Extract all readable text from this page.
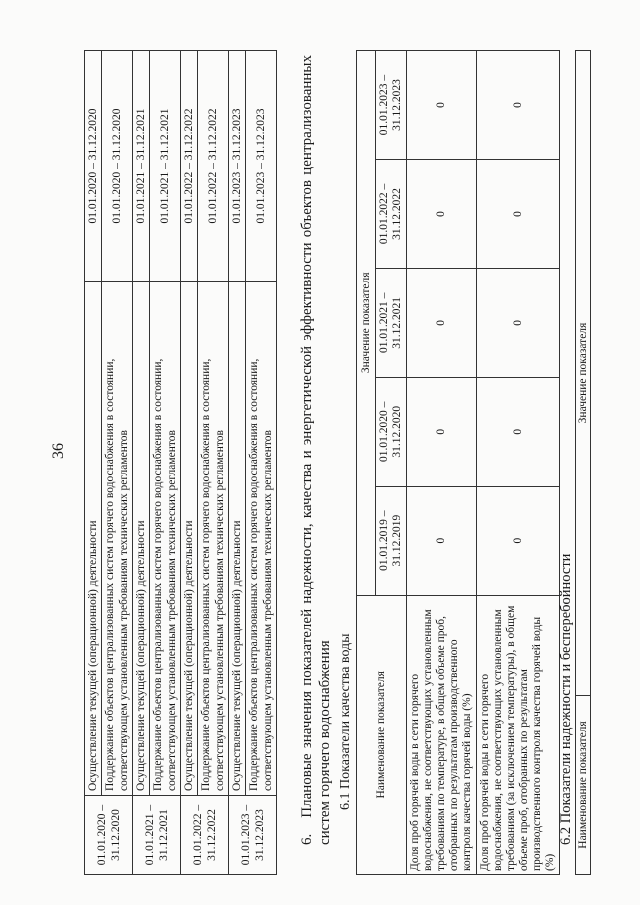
36
01.01.2020 – 31.12.2020	Осуществление текущей (операционной) деятельности	01.01.2020 – 31.12.2020
	Поддержание объектов централизованных систем горячего водоснабжения в состоянии, соответствующем установленным требованиям технических регламентов	01.01.2020 – 31.12.2020
01.01.2021 – 31.12.2021	Осуществление текущей (операционной) деятельности	01.01.2021 – 31.12.2021
	Поддержание объектов централизованных систем горячего водоснабжения в состоянии, соответствующем установленным требованиям технических регламентов	01.01.2021 – 31.12.2021
01.01.2022 – 31.12.2022	Осуществление текущей (операционной) деятельности	01.01.2022 – 31.12.2022
	Поддержание объектов централизованных систем горячего водоснабжения в состоянии, соответствующем установленным требованиям технических регламентов	01.01.2022 – 31.12.2022
01.01.2023 – 31.12.2023	Осуществление текущей (операционной) деятельности	01.01.2023 – 31.12.2023
	Поддержание объектов централизованных систем горячего водоснабжения в состоянии, соответствующем установленным требованиям технических регламентов	01.01.2023 – 31.12.2023
6.Плановые значения показателей надежности, качества и энергетической эффективности объектов централизованных систем горячего водоснабжения 6.1 Показатели качества воды Наименование показателя	Значение показателя				
	01.01.2019 – 31.12.2019	01.01.2020 – 31.12.2020	01.01.2021 – 31.12.2021	01.01.2022 – 31.12.2022	01.01.2023 – 31.12.2023
Доля проб горячей воды в сети горячего водоснабжения, не соответствующих установленным требованиям по температуре, в общем объеме проб, отобранных по результатам производственного контроля качества горячей воды (%)	0	0	0	0	0
Доля проб горячей воды в сети горячего водоснабжения, не соответствующих установленным требованиям (за исключением температуры), в общем объеме проб, отобранных по результатам производственного контроля качества горячей воды (%)	0	0	0	0	0
6.2 Показатели надежности и бесперебойности Наименование показателя	Значение показателя
